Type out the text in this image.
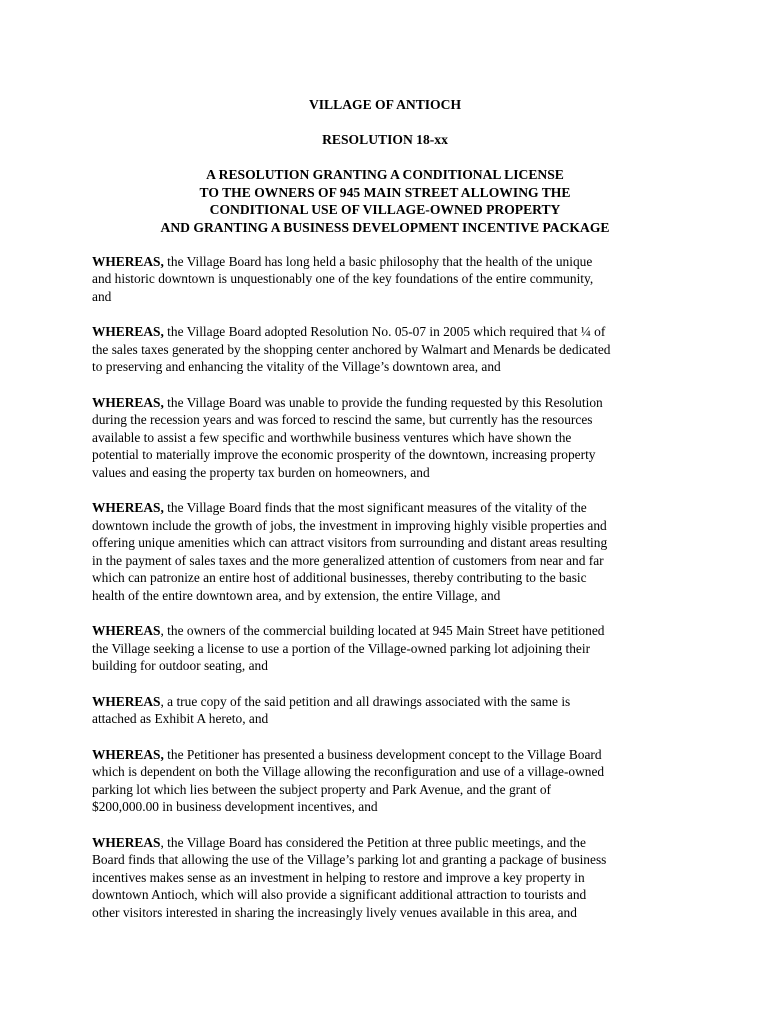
VILLAGE OF ANTIOCH
RESOLUTION 18-xx
A RESOLUTION GRANTING A CONDITIONAL LICENSE
TO THE OWNERS OF 945 MAIN STREET ALLOWING THE
CONDITIONAL USE OF VILLAGE-OWNED PROPERTY
AND GRANTING A BUSINESS DEVELOPMENT INCENTIVE PACKAGE
WHEREAS, the Village Board has long held a basic philosophy that the health of the unique
and historic downtown is unquestionably one of the key foundations of the entire community,
and
WHEREAS, the Village Board adopted Resolution No. 05-07 in 2005 which required that ¼ of
the sales taxes generated by the shopping center anchored by Walmart and Menards be dedicated
to preserving and enhancing the vitality of the Village’s downtown area, and
WHEREAS, the Village Board was unable to provide the funding requested by this Resolution
during the recession years and was forced to rescind the same, but currently has the resources
available to assist a few specific and worthwhile business ventures which have shown the
potential to materially improve the economic prosperity of the downtown, increasing property
values and easing the property tax burden on homeowners, and
WHEREAS, the Village Board finds that the most significant measures of the vitality of the
downtown include the growth of jobs, the investment in improving highly visible properties and
offering unique amenities which can attract visitors from surrounding and distant areas resulting
in the payment of sales taxes and the more generalized attention of customers from near and far
which can patronize an entire host of additional businesses, thereby contributing to the basic
health of the entire downtown area, and by extension, the entire Village, and
WHEREAS, the owners of the commercial building located at 945 Main Street have petitioned
the Village seeking a license to use a portion of the Village-owned parking lot adjoining their
building for outdoor seating, and
WHEREAS, a true copy of the said petition and all drawings associated with the same is
attached as Exhibit A hereto, and
WHEREAS, the Petitioner has presented a business development concept to the Village Board
which is dependent on both the Village allowing the reconfiguration and use of a village-owned
parking lot which lies between the subject property and Park Avenue, and the grant of
$200,000.00 in business development incentives, and
WHEREAS, the Village Board has considered the Petition at three public meetings, and the
Board finds that allowing the use of the Village’s parking lot and granting a package of business
incentives makes sense as an investment in helping to restore and improve a key property in
downtown Antioch, which will also provide a significant additional attraction to tourists and
other visitors interested in sharing the increasingly lively venues available in this area, and
